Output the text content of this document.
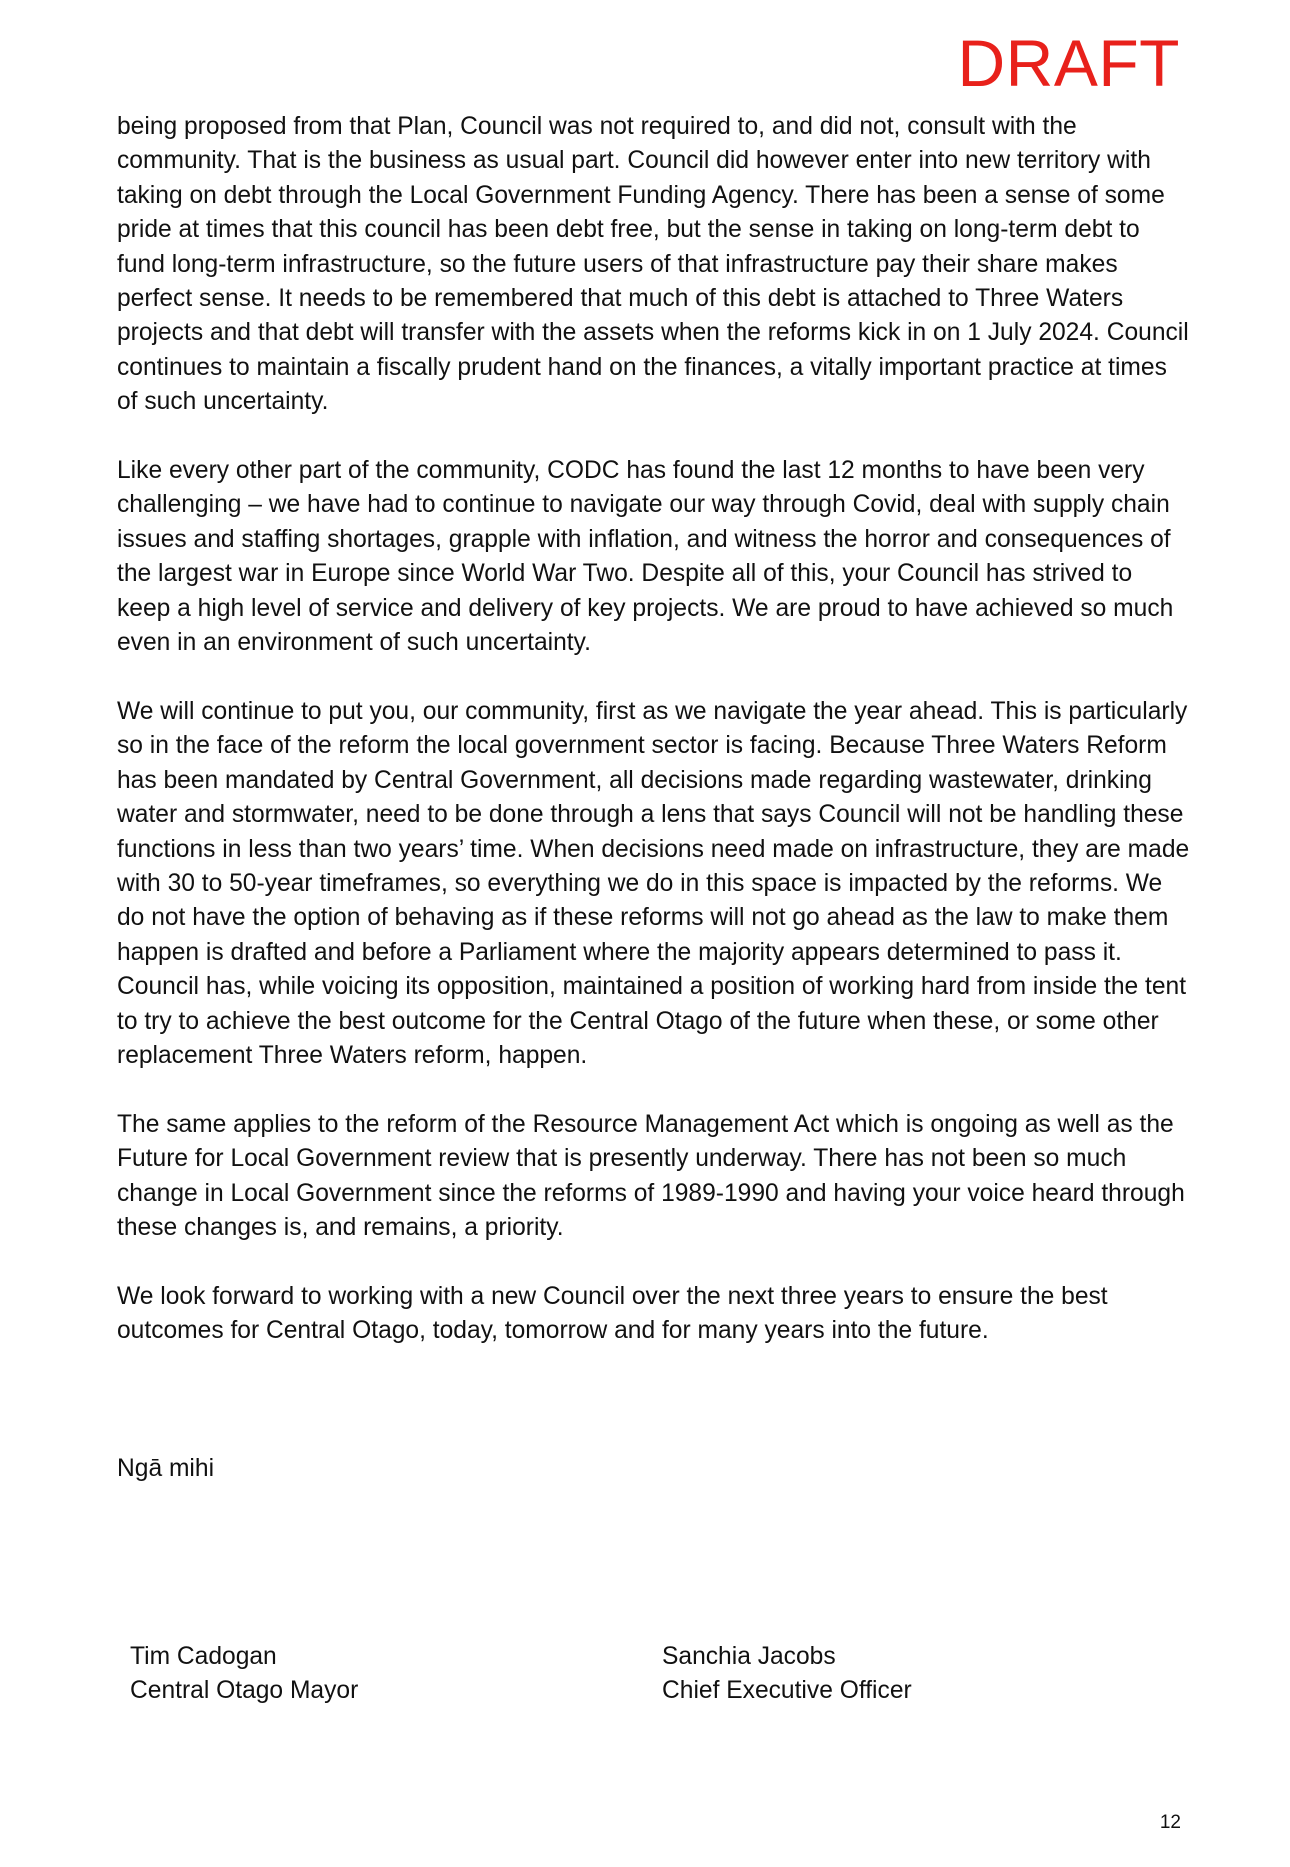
DRAFT

being proposed from that Plan, Council was not required to, and did not, consult with the community. That is the business as usual part. Council did however enter into new territory with taking on debt through the Local Government Funding Agency. There has been a sense of some pride at times that this council has been debt free, but the sense in taking on long-term debt to fund long-term infrastructure, so the future users of that infrastructure pay their share makes perfect sense. It needs to be remembered that much of this debt is attached to Three Waters projects and that debt will transfer with the assets when the reforms kick in on 1 July 2024. Council continues to maintain a fiscally prudent hand on the finances, a vitally important practice at times of such uncertainty.

Like every other part of the community, CODC has found the last 12 months to have been very challenging – we have had to continue to navigate our way through Covid, deal with supply chain issues and staffing shortages, grapple with inflation, and witness the horror and consequences of the largest war in Europe since World War Two. Despite all of this, your Council has strived to keep a high level of service and delivery of key projects. We are proud to have achieved so much even in an environment of such uncertainty.

We will continue to put you, our community, first as we navigate the year ahead. This is particularly so in the face of the reform the local government sector is facing. Because Three Waters Reform has been mandated by Central Government, all decisions made regarding wastewater, drinking water and stormwater, need to be done through a lens that says Council will not be handling these functions in less than two years’ time. When decisions need made on infrastructure, they are made with 30 to 50-year timeframes, so everything we do in this space is impacted by the reforms. We do not have the option of behaving as if these reforms will not go ahead as the law to make them happen is drafted and before a Parliament where the majority appears determined to pass it. Council has, while voicing its opposition, maintained a position of working hard from inside the tent to try to achieve the best outcome for the Central Otago of the future when these, or some other replacement Three Waters reform, happen.

The same applies to the reform of the Resource Management Act which is ongoing as well as the Future for Local Government review that is presently underway. There has not been so much change in Local Government since the reforms of 1989-1990 and having your voice heard through these changes is, and remains, a priority.

We look forward to working with a new Council over the next three years to ensure the best outcomes for Central Otago, today, tomorrow and for many years into the future.

Ngā mihi
Tim Cadogan
Central Otago Mayor
Sanchia Jacobs
Chief Executive Officer
12
